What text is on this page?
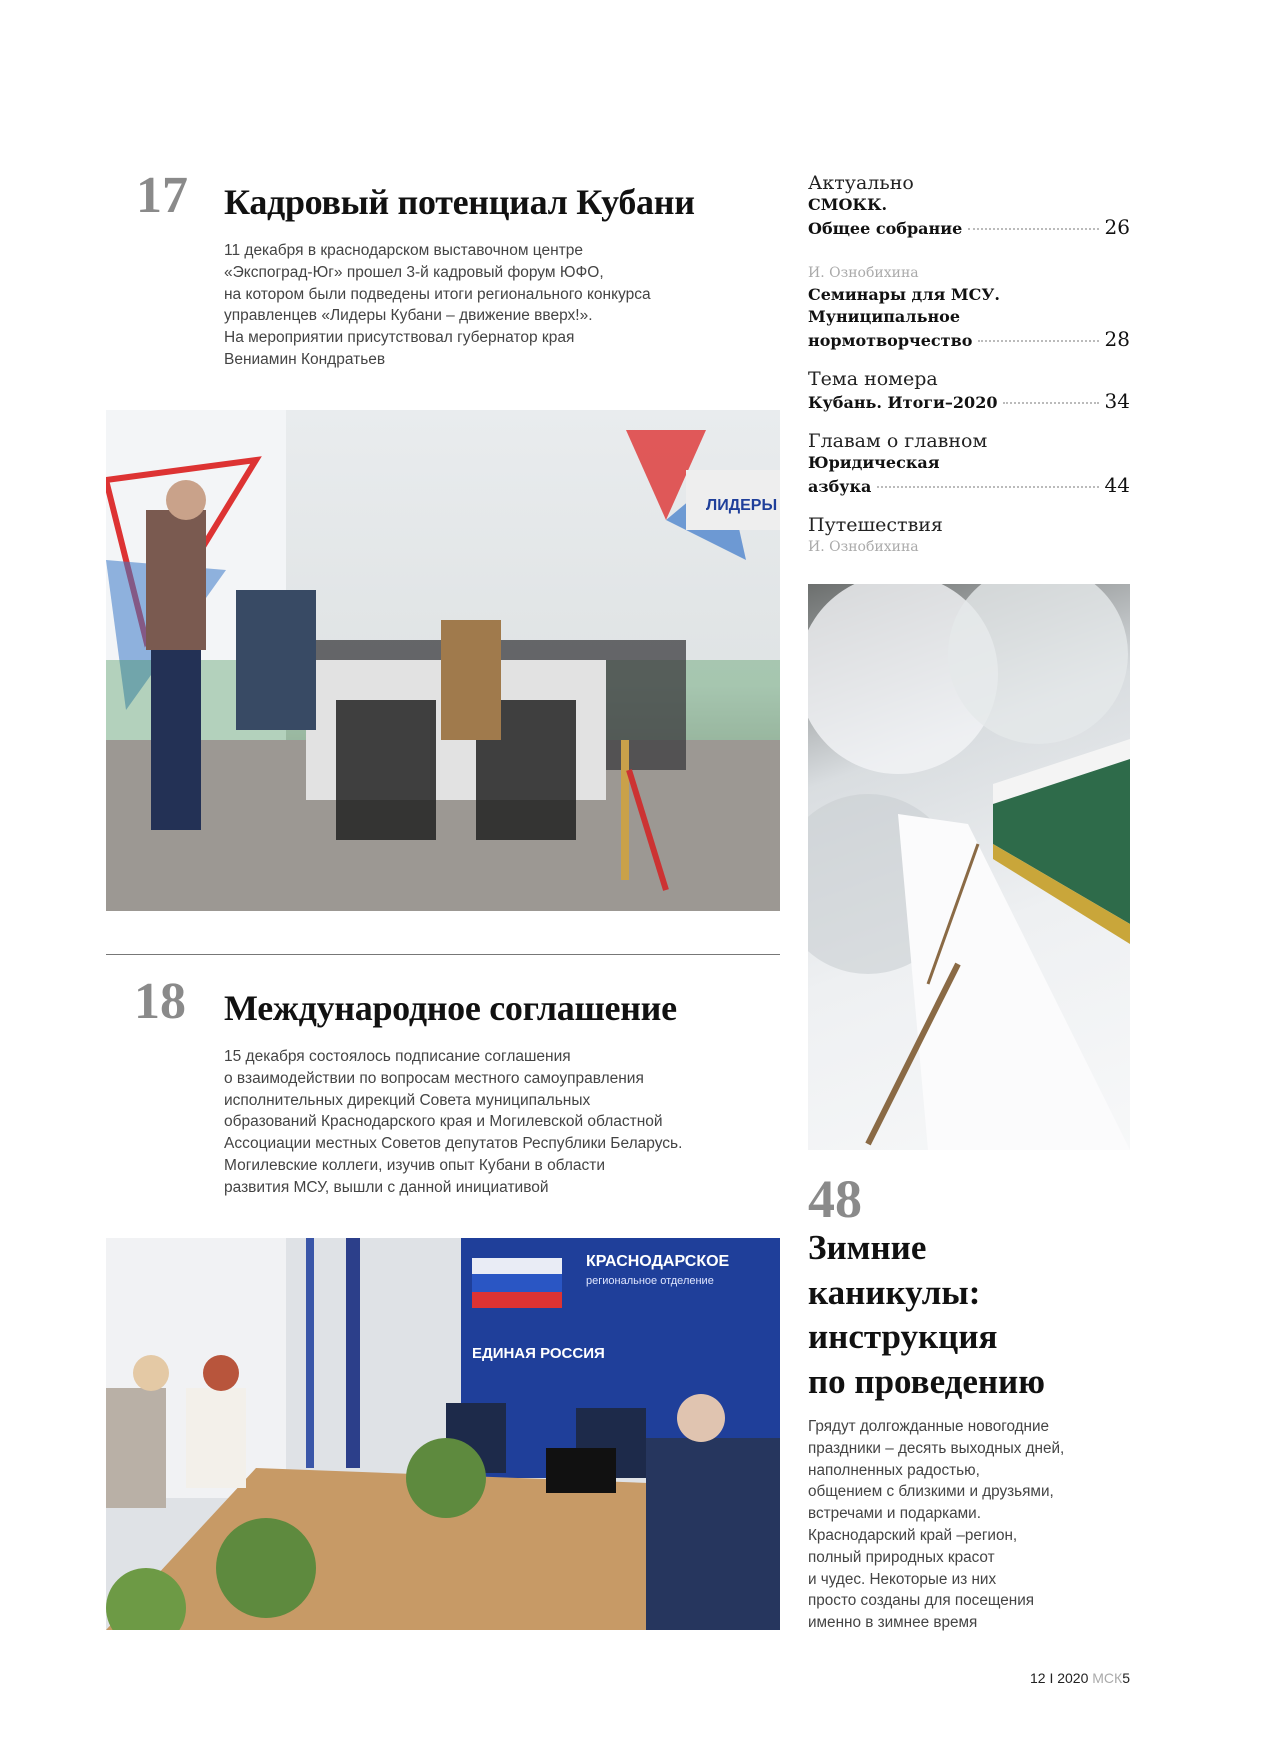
17 Кадровый потенциал Кубани
11 декабря в краснодарском выставочном центре
«Экспоград-Юг» прошел 3-й кадровый форум ЮФО,
на котором были подведены итоги регионального конкурса
управленцев «Лидеры Кубани – движение вверх!».
На мероприятии присутствовал губернатор края
Вениамин Кондратьев
ЛИДЕРЫ
18 Международное соглашение
15 декабря состоялось подписание соглашения
о взаимодействии по вопросам местного самоуправления
исполнительных дирекций Совета муниципальных
образований Краснодарского края и Могилевской областной
Ассоциации местных Советов депутатов Республики Беларусь.
Могилевские коллеги, изучив опыт Кубани в области
развития МСУ, вышли с данной инициативой
КРАСНОДАРСКОЕ
региональное отделение
ЕДИНАЯ РОССИЯ
Актуально
СМОКК.
Общее собрание	26
И. Ознобихина
Семинары для МСУ.
Муниципальное
нормотворчество	28
Тема номера
Кубань. Итоги–2020	34
Главам о главном
Юридическая
азбука	44
Путешествия
И. Ознобихина
48
Зимние
каникулы:
инструкция
по проведению
Грядут долгожданные новогодние
праздники – десять выходных дней,
наполненных радостью,
общением с близкими и друзьями,
встречами и подарками.
Краснодарский край –регион,
полный природных красот
и чудес. Некоторые из них
просто созданы для посещения
именно в зимнее время
12 I 2020 МСК5
